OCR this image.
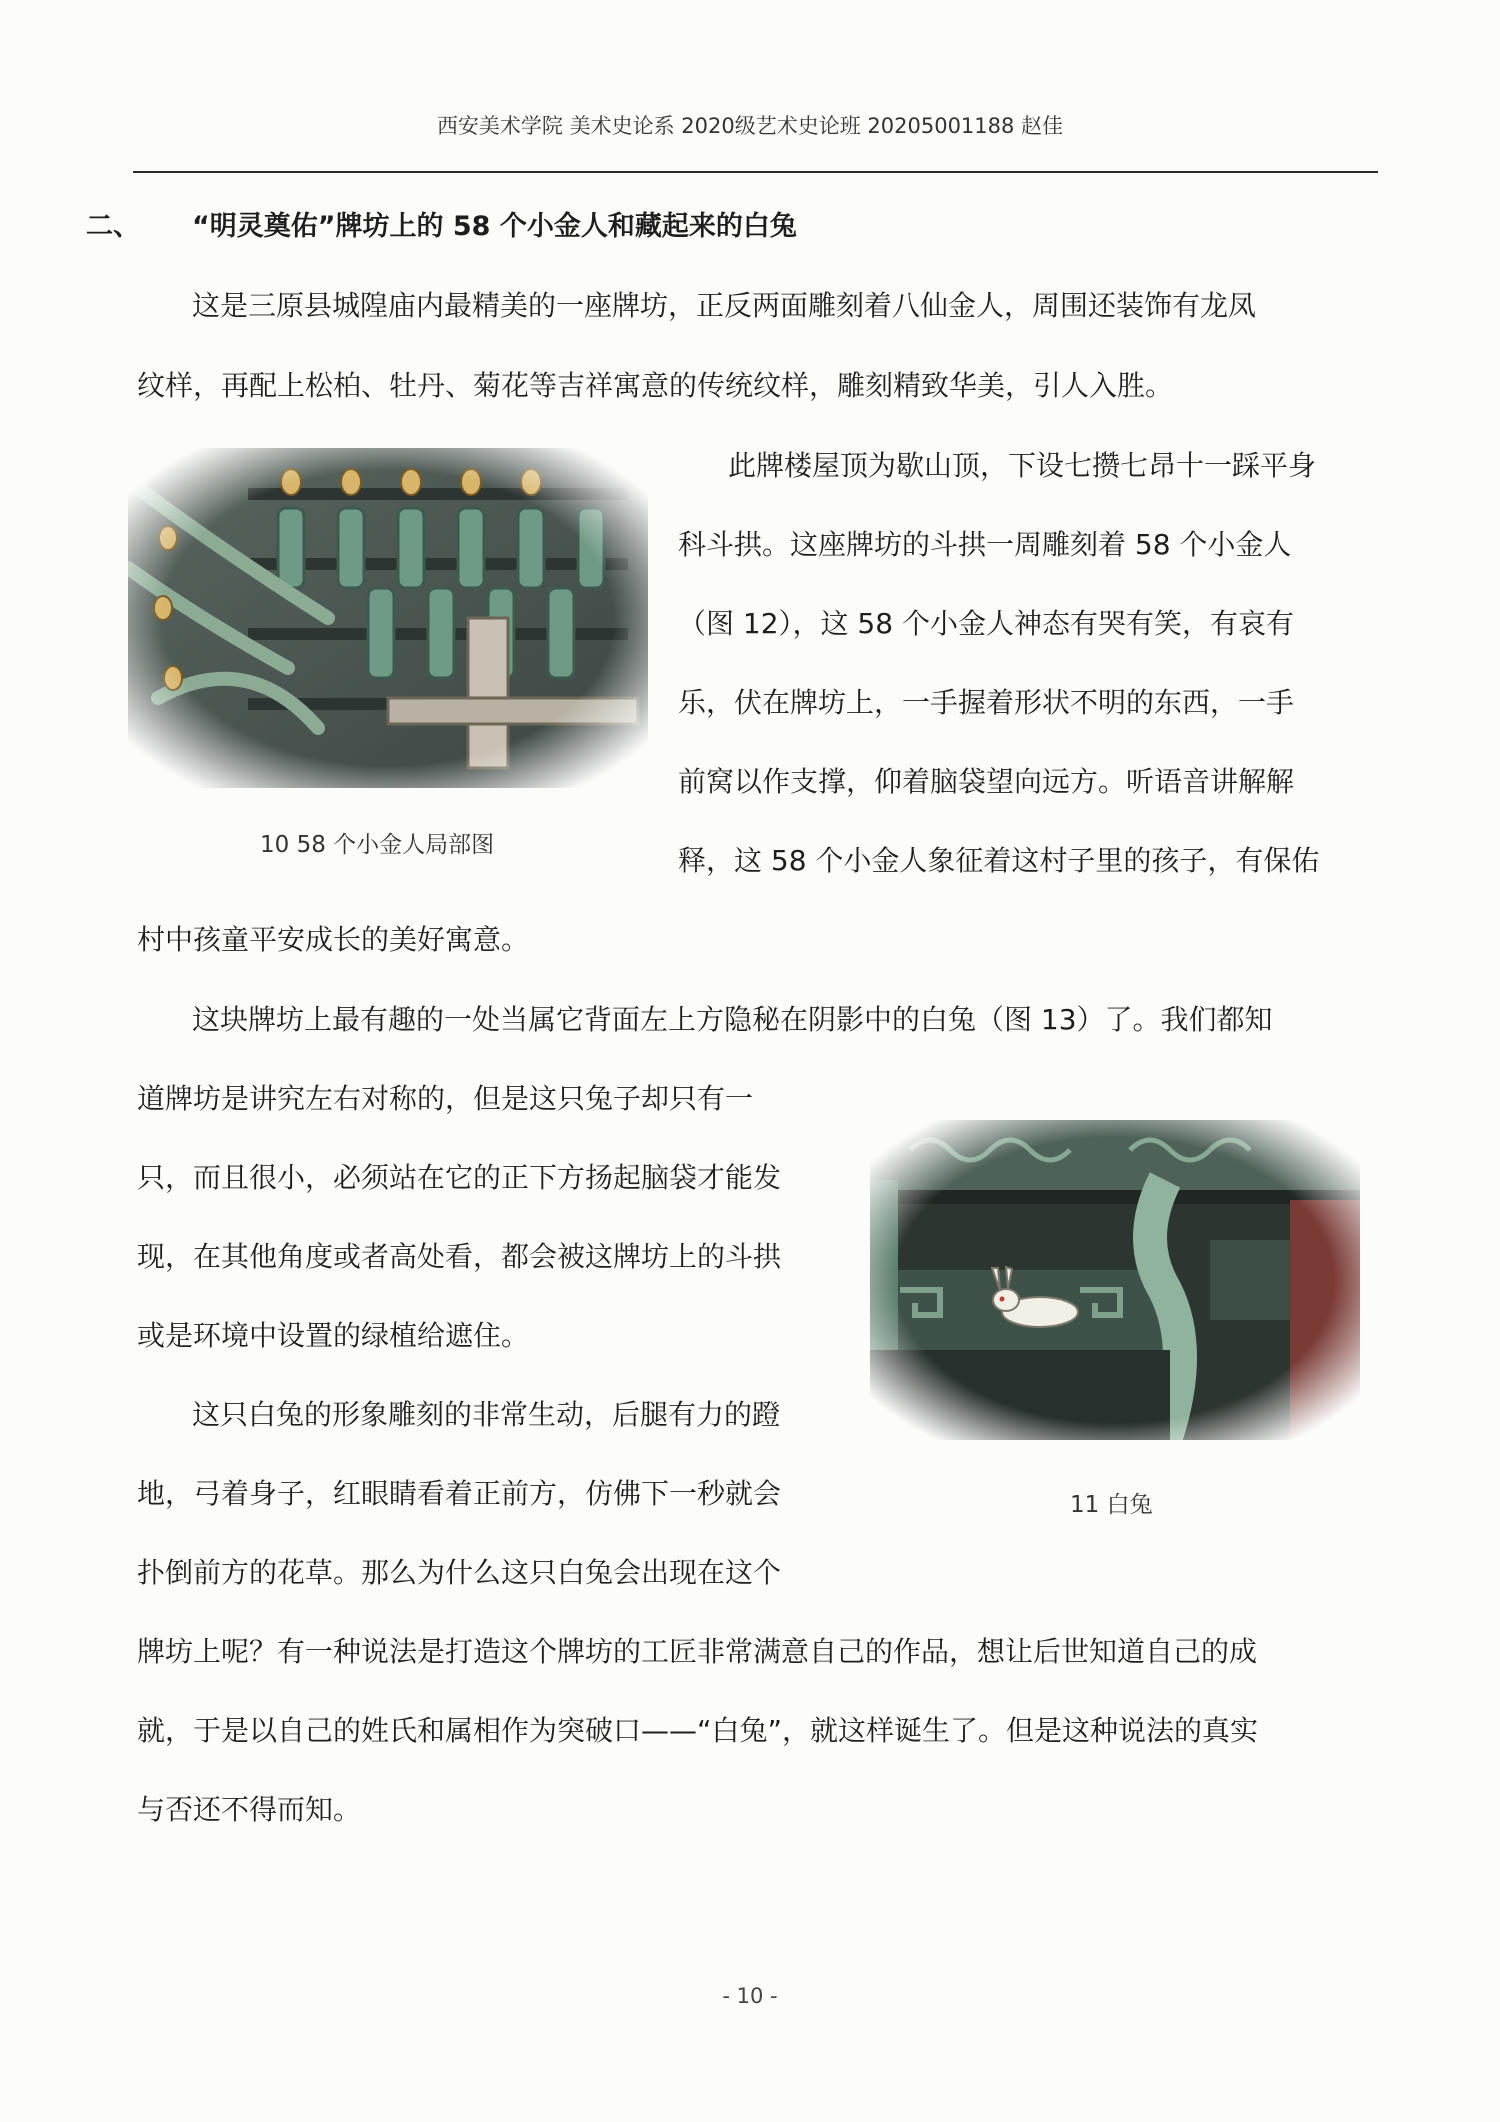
西安美术学院 美术史论系 2020级艺术史论班 20205001188 赵佳
二、 “明灵奠佑”牌坊上的 58 个小金人和藏起来的白兔
这是三原县城隍庙内最精美的一座牌坊，正反两面雕刻着八仙金人，周围还装饰有龙凤
纹样，再配上松柏、牡丹、菊花等吉祥寓意的传统纹样，雕刻精致华美，引人入胜。
10 58 个小金人局部图
此牌楼屋顶为歇山顶，下设七攒七昂十一踩平身
科斗拱。这座牌坊的斗拱一周雕刻着 58 个小金人
（图 12），这 58 个小金人神态有哭有笑，有哀有
乐，伏在牌坊上，一手握着形状不明的东西，一手
前窝以作支撑，仰着脑袋望向远方。听语音讲解解
释，这 58 个小金人象征着这村子里的孩子，有保佑
村中孩童平安成长的美好寓意。
这块牌坊上最有趣的一处当属它背面左上方隐秘在阴影中的白兔（图 13）了。我们都知
道牌坊是讲究左右对称的，但是这只兔子却只有一
只，而且很小，必须站在它的正下方扬起脑袋才能发
现，在其他角度或者高处看，都会被这牌坊上的斗拱
或是环境中设置的绿植给遮住。
11 白兔
这只白兔的形象雕刻的非常生动，后腿有力的蹬
地，弓着身子，红眼睛看着正前方，仿佛下一秒就会
扑倒前方的花草。那么为什么这只白兔会出现在这个
牌坊上呢？有一种说法是打造这个牌坊的工匠非常满意自己的作品，想让后世知道自己的成
就，于是以自己的姓氏和属相作为突破口——“白兔”，就这样诞生了。但是这种说法的真实
与否还不得而知。
- 10 -
